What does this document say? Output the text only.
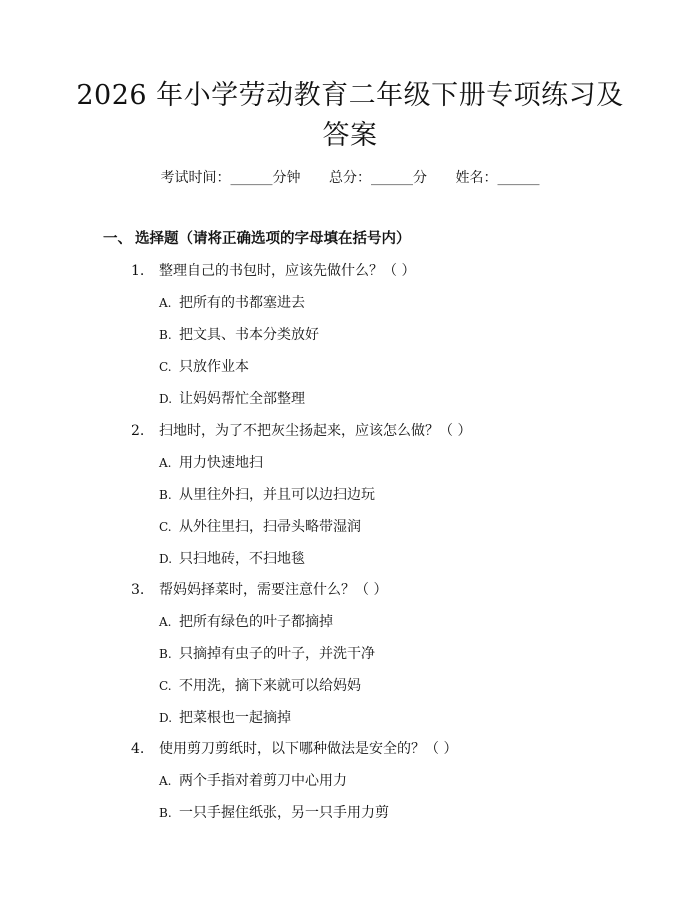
2026 年小学劳动教育二年级下册专项练习及
答案
考试时间：______分钟 总分：______分 姓名：______
一、 选择题（请将正确选项的字母填在括号内）
1. 整理自己的书包时，应该先做什么？（ ）
A. 把所有的书都塞进去
B. 把文具、书本分类放好
C. 只放作业本
D. 让妈妈帮忙全部整理
2. 扫地时，为了不把灰尘扬起来，应该怎么做？（ ）
A. 用力快速地扫
B. 从里往外扫，并且可以边扫边玩
C. 从外往里扫，扫帚头略带湿润
D. 只扫地砖，不扫地毯
3. 帮妈妈择菜时，需要注意什么？（ ）
A. 把所有绿色的叶子都摘掉
B. 只摘掉有虫子的叶子，并洗干净
C. 不用洗，摘下来就可以给妈妈
D. 把菜根也一起摘掉
4. 使用剪刀剪纸时，以下哪种做法是安全的？（ ）
A. 两个手指对着剪刀中心用力
B. 一只手握住纸张，另一只手用力剪
